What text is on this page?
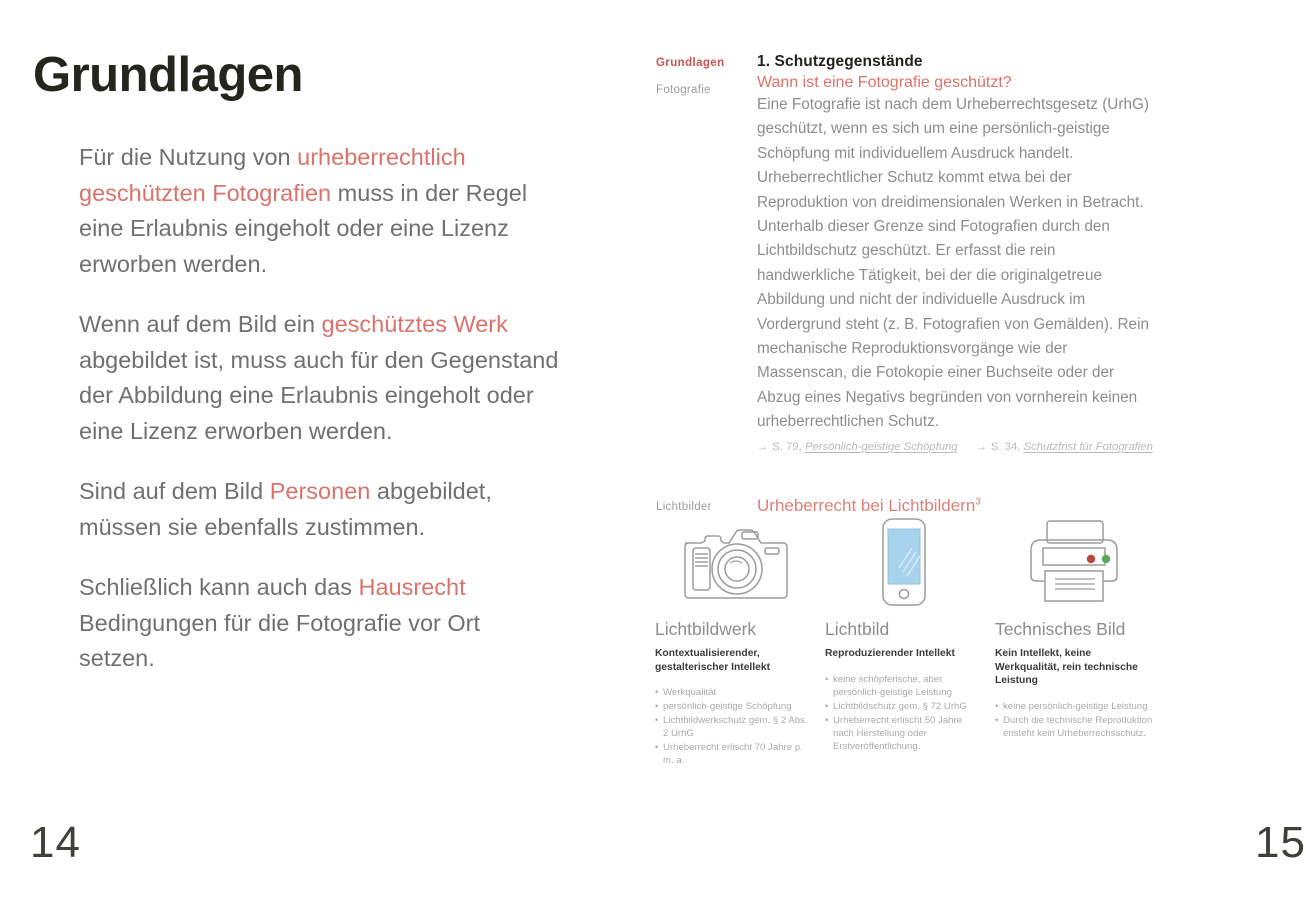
Grundlagen

Für die Nutzung von urheberrechtlich geschützten Fotografien muss in der Regel eine Erlaubnis eingeholt oder eine Lizenz erworben werden.

Wenn auf dem Bild ein geschütztes Werk abgebildet ist, muss auch für den Gegenstand der Abbildung eine Erlaubnis eingeholt oder eine Lizenz erworben werden.

Sind auf dem Bild Personen abgebildet, müssen sie ebenfalls zustimmen.

Schließlich kann auch das Hausrecht Bedingungen für die Fotografie vor Ort setzen.

14
Grundlagen
Fotografie
Lichtbilder
1. Schutzgegenstände
Wann ist eine Fotografie geschützt?
Eine Fotografie ist nach dem Urheberrechtsgesetz (UrhG) geschützt, wenn es sich um eine persönlich-geistige Schöpfung mit individuellem Ausdruck handelt. Urheberrechtlicher Schutz kommt etwa bei der Reproduktion von dreidimensionalen Werken in Betracht. Unterhalb dieser Grenze sind Fotografien durch den Lichtbildschutz geschützt. Er erfasst die rein handwerkliche Tätigkeit, bei der die originalgetreue Abbildung und nicht der individuelle Ausdruck im Vordergrund steht (z. B. Fotografien von Gemälden). Rein mechanische Reproduktionsvorgänge wie der Massenscan, die Fotokopie einer Buchseite oder der Abzug eines Negativs begründen von vornherein keinen urheberrechtlichen Schutz.
→ S. 79, Persönlich-geistige Schöpfung → S. 34, Schutzfrist für Fotografien
Urheberrecht bei Lichtbildern$^3$
Lichtbildwerk
Kontextualisierender, gestalterischer Intellekt
• Werkqualität
• persönlich-geistige Schöpfung
• Lichtbildwerkschutz gem. § 2 Abs. 2 UrhG
• Urheberrecht erlischt 70 Jahre p. m. a.
Lichtbild
Reproduzierender Intellekt
• keine schöpferische, aber persönlich-geistige Leistung
• Lichtbildschutz gem. § 72 UrhG
• Urheberrecht erlischt 50 Jahre nach Herstellung oder Erstveröffentlichung.
Technisches Bild
Kein Intellekt, keine Werkqualität, rein technische Leistung
• keine persönlich-geistige Leistung
• Durch die technische Reproduktion ensteht kein Urheberrechsschutz.
15
